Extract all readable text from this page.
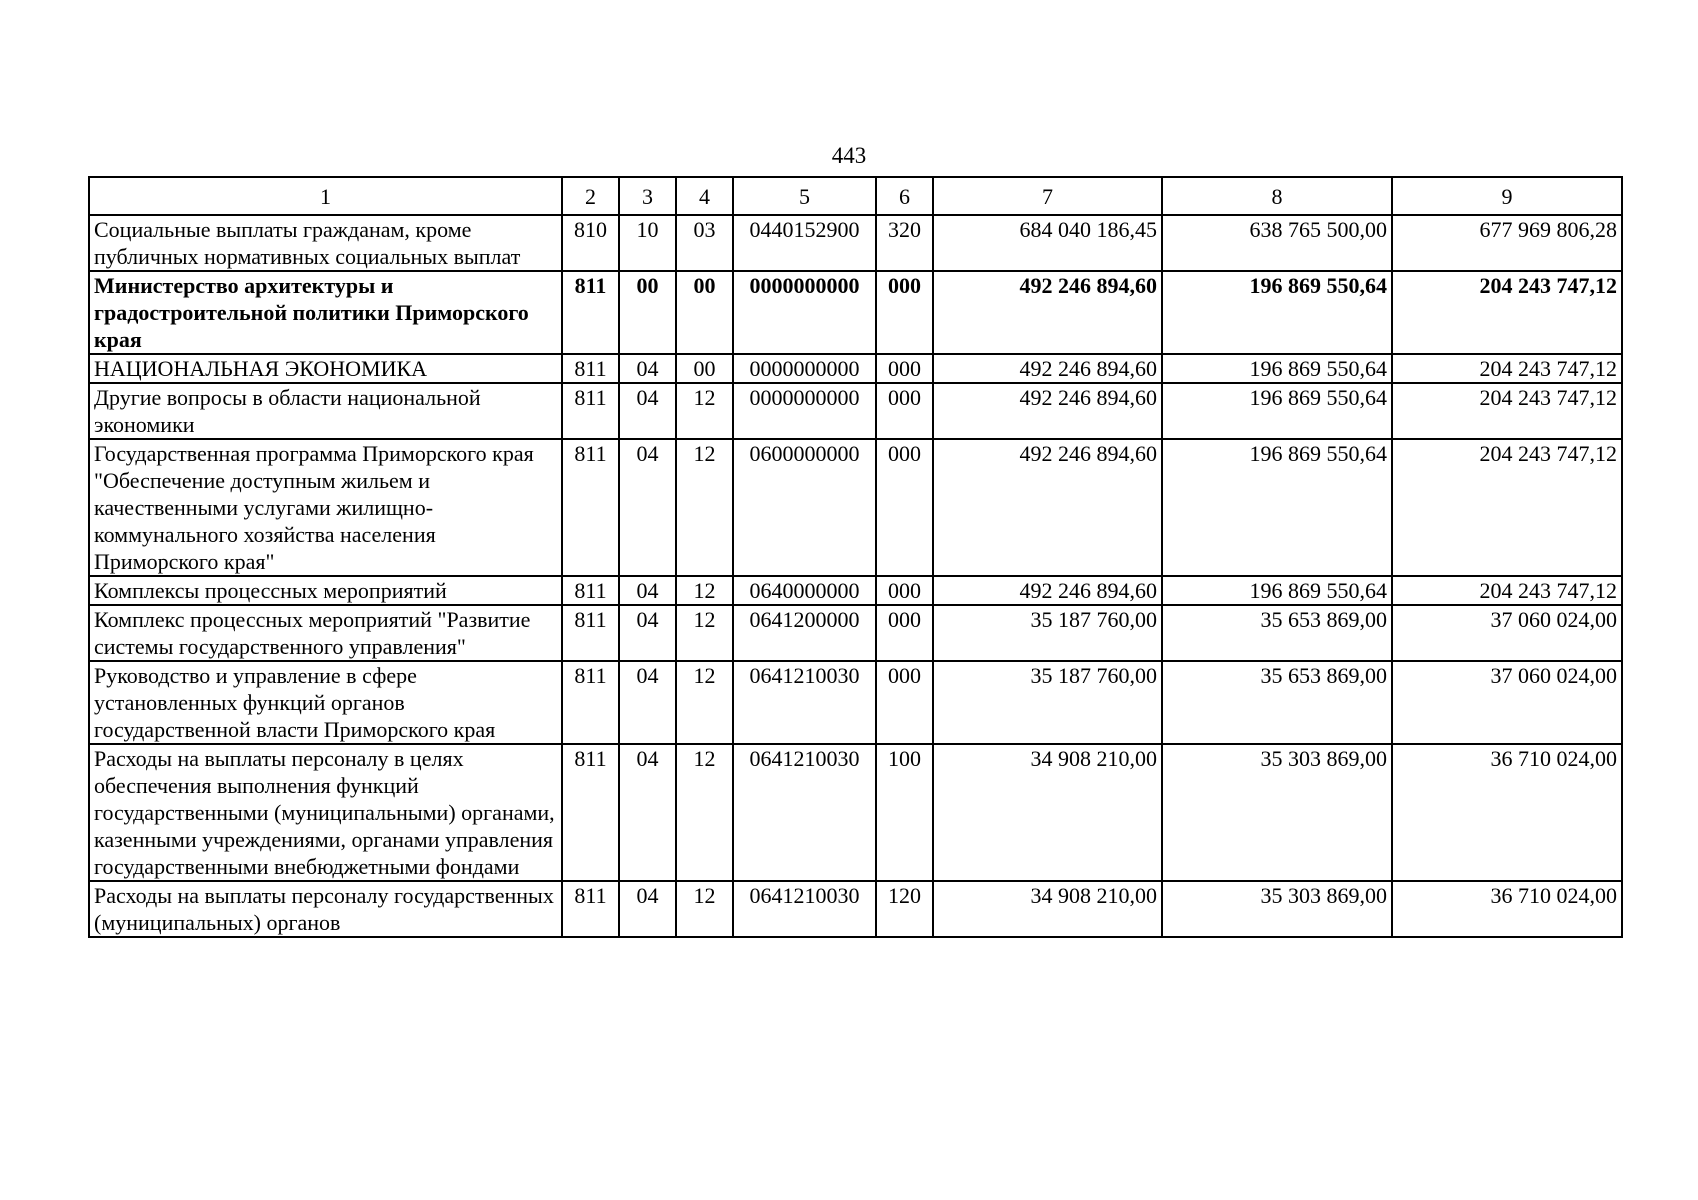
443
1	2	3	4	5	6	7	8	9
Социальные выплаты гражданам, кроме публичных нормативных социальных выплат	810	10	03	0440152900	320	684 040 186,45	638 765 500,00	677 969 806,28
Министерство архитектуры и градостроительной политики Приморского края	811	00	00	0000000000	000	492 246 894,60	196 869 550,64	204 243 747,12
НАЦИОНАЛЬНАЯ ЭКОНОМИКА	811	04	00	0000000000	000	492 246 894,60	196 869 550,64	204 243 747,12
Другие вопросы в области национальной экономики	811	04	12	0000000000	000	492 246 894,60	196 869 550,64	204 243 747,12
Государственная программа Приморского края "Обеспечение доступным жильем и качественными услугами жилищно-коммунального хозяйства населения Приморского края"	811	04	12	0600000000	000	492 246 894,60	196 869 550,64	204 243 747,12
Комплексы процессных мероприятий	811	04	12	0640000000	000	492 246 894,60	196 869 550,64	204 243 747,12
Комплекс процессных мероприятий "Развитие системы государственного управления"	811	04	12	0641200000	000	35 187 760,00	35 653 869,00	37 060 024,00
Руководство и управление в сфере установленных функций органов государственной власти Приморского края	811	04	12	0641210030	000	35 187 760,00	35 653 869,00	37 060 024,00
Расходы на выплаты персоналу в целях обеспечения выполнения функций государственными (муниципальными) органами, казенными учреждениями, органами управления государственными внебюджетными фондами	811	04	12	0641210030	100	34 908 210,00	35 303 869,00	36 710 024,00
Расходы на выплаты персоналу государственных (муниципальных) органов	811	04	12	0641210030	120	34 908 210,00	35 303 869,00	36 710 024,00
